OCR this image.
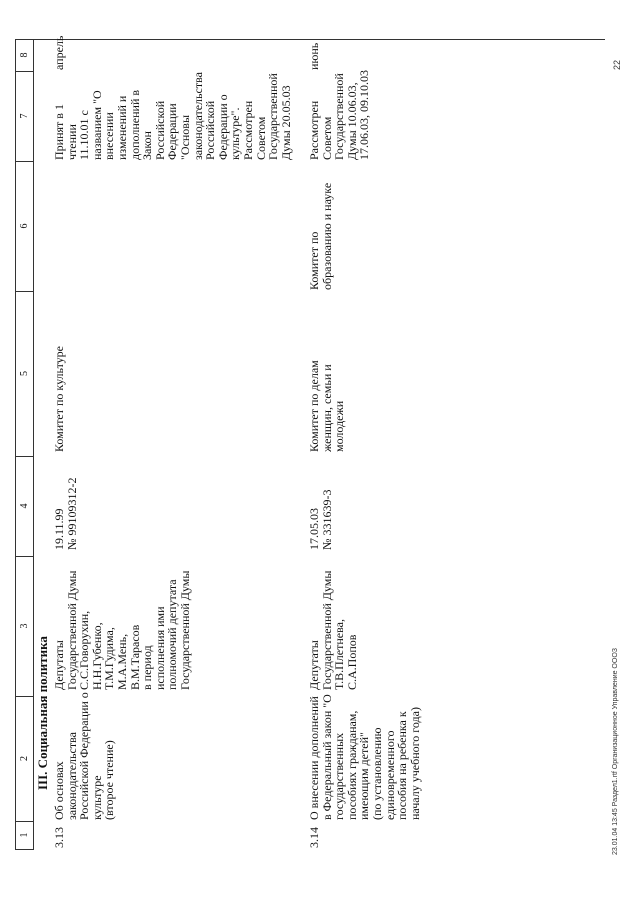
1
2
3
4
5
6
7
8
III. Социальная политика
3.13
Об основах
законодательства
Российской Федерации о
культуре
(второе чтение)
Депутаты
Государственной Думы
С.С.Говорухин,
Н.Н.Губенко,
Т.М.Гудима,
М.А.Мень,
В.М.Тарасов
в период
исполнения ими
полномочий депутата
Государственной Думы
19.11.99
№ 99109312-2
Комитет по культуре
Принят в 1 чтении
11.10.01 с
названием "О
внесении
изменений и
дополнений в
Закон Российской
Федерации
"Основы
законодательства
Российской
Федерации о
культуре".
Рассмотрен
Советом
Государственной
Думы 20.05.03
апрель
3.14
О внесении дополнений
в Федеральный закон "О
государственных
пособиях гражданам,
имеющим детей"
(по установлению
единовременного
пособия на ребенка к
началу учебного года)
Депутаты
Государственной Думы
Т.В.Плетнева,
С.А.Попов
17.05.03
№ 331639-3
Комитет по делам
женщин, семьи и
молодежи
Комитет по
образованию и науке
Рассмотрен
Советом
Государственной
Думы 10.06.03,
17.06.03, 09.10.03
июнь
23.01.04 13:45 Раздел1.rtf Организационное Управление ОООЗ
22
